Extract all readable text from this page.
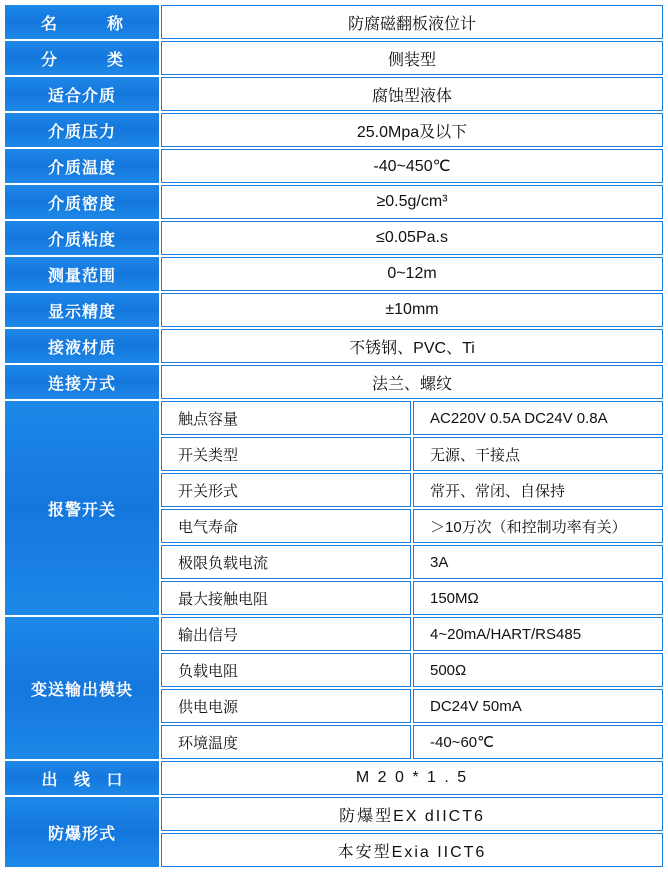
名　　称	防腐磁翻板液位计	
分　　类	侧装型	
适合介质	腐蚀型液体	
介质压力	25.0Mpa及以下	
介质温度	-40~450℃	
介质密度	≥0.5g/cm³	
介质粘度	≤0.05Pa.s	
测量范围	0~12m	
显示精度	±10mm	
接液材质	不锈钢、PVC、Ti	
连接方式	法兰、螺纹	
报警开关	触点容量	AC220V 0.5A DC24V 0.8A
	开关类型	无源、干接点
	开关形式	常开、常闭、自保持
	电气寿命	＞10万次（和控制功率有关）
	极限负载电流	3A
	最大接触电阻	150MΩ
变送输出模块	输出信号	4~20mA/HART/RS485
	负载电阻	500Ω
	供电电源	DC24V 50mA
	环境温度	-40~60℃
出 线 口	M 2 0 * 1 . 5	
防爆形式	防爆型EX dIICT6	
	本安型Exia IICT6	
